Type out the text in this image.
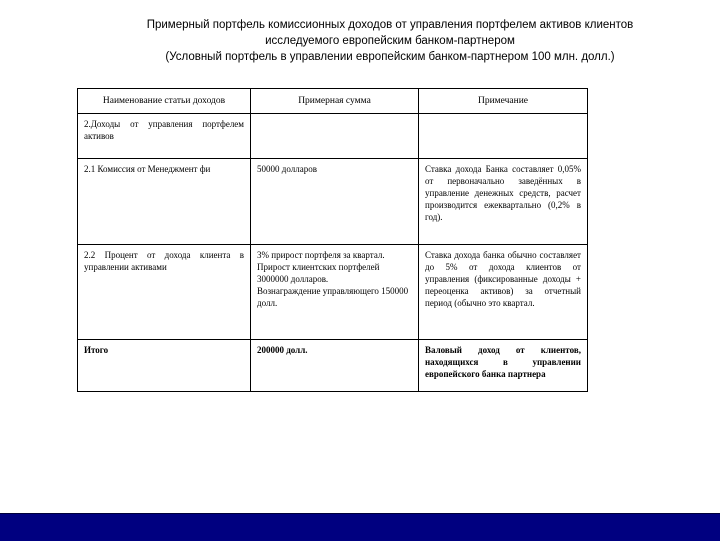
Примерный портфель комиссионных доходов от управления портфелем активов клиентов
исследуемого европейским банком-партнером
(Условный портфель в управлении европейским банком-партнером 100 млн. долл.)
Наименование статьи доходов	Примерная сумма	Примечание
2.Доходы от управления портфелем активов		
2.1 Комиссия от Менеджмент фи	50000 долларов	Ставка дохода Банка составляет 0,05% от первоначально заведённых в управление денежных средств, расчет производится ежеквартально (0,2% в год).
2.2 Процент от дохода клиента в управлении активами	3% прирост портфеля за квартал.
Прирост клиентских портфелей 3000000 долларов.
Вознаграждение управляющего 150000 долл.	Ставка дохода банка обычно составляет до 5% от дохода клиентов от управления (фиксированные доходы + переоценка активов) за отчетный период (обычно это квартал.
Итого	200000 долл.	Валовый доход от клиентов, находящихся в управлении европейского банка партнера
